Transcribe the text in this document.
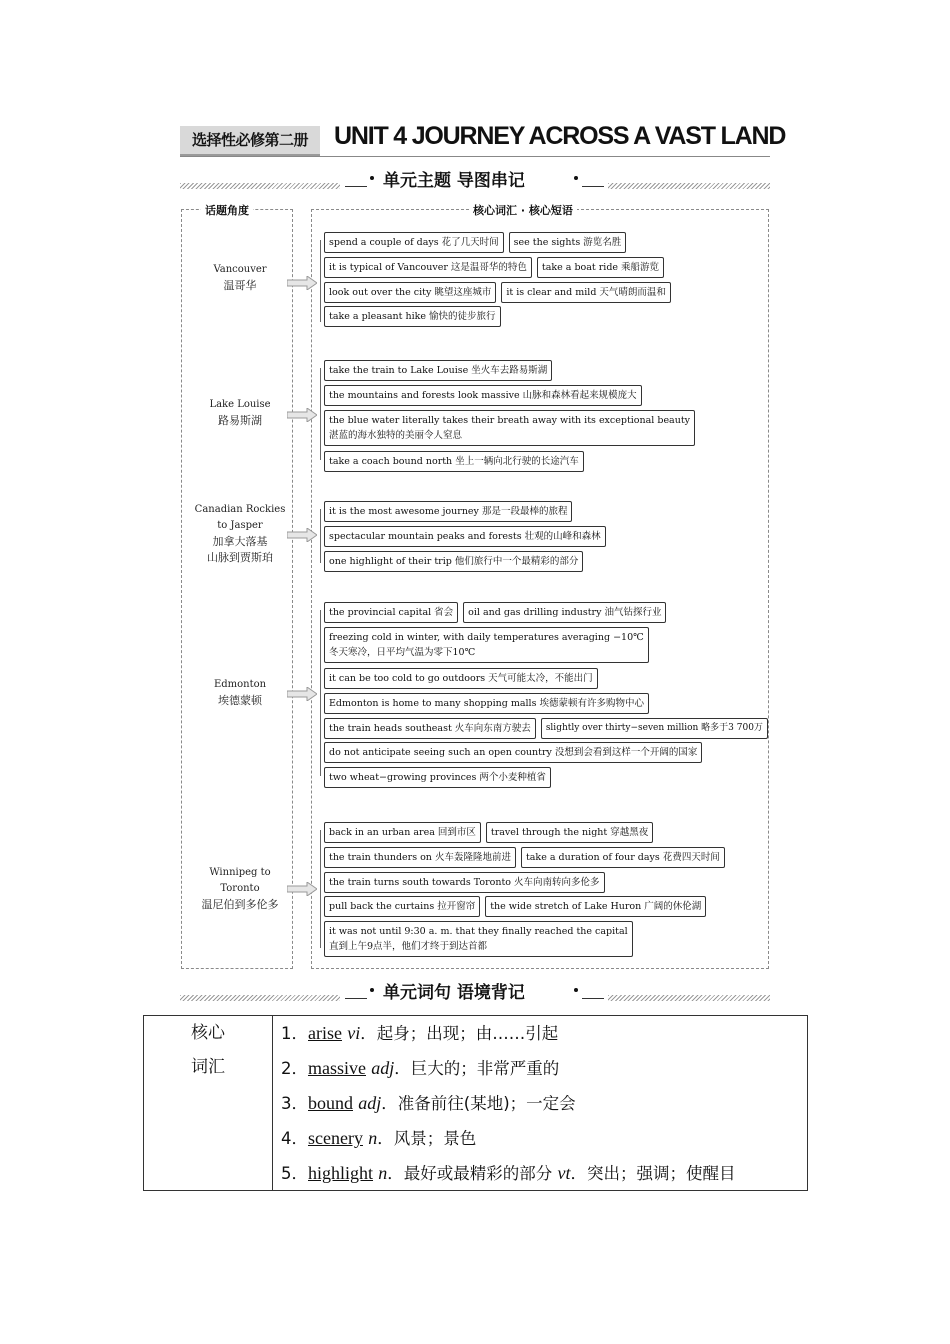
选择性必修第二册	UNIT 4 JOURNEY ACROSS A VAST LAND
单元主题 导图串记
话题角度	核心词汇 · 核心短语
Vancouver
温哥华
spend a couple of days 花了几天时间	see the sights 游览名胜
it is typical of Vancouver 这是温哥华的特色	take a boat ride 乘船游览
look out over the city 眺望这座城市	it is clear and mild 天气晴朗而温和
take a pleasant hike 愉快的徒步旅行
Lake Louise
路易斯湖
take the train to Lake Louise 坐火车去路易斯湖
the mountains and forests look massive 山脉和森林看起来规模庞大
the blue water literally takes their breath away with its exceptional beauty
湛蓝的海水独特的美丽令人窒息
take a coach bound north 坐上一辆向北行驶的长途汽车
Canadian Rockies
to Jasper
加拿大落基
山脉到贾斯珀
it is the most awesome journey 那是一段最棒的旅程
spectacular mountain peaks and forests 壮观的山峰和森林
one highlight of their trip 他们旅行中一个最精彩的部分
Edmonton
埃德蒙顿
the provincial capital 省会	oil and gas drilling industry 油气钻探行业
freezing cold in winter, with daily temperatures averaging −10℃
冬天寒冷，日平均气温为零下10℃
it can be too cold to go outdoors 天气可能太冷，不能出门
Edmonton is home to many shopping malls 埃德蒙顿有许多购物中心
the train heads southeast 火车向东南方驶去	slightly over thirty−seven million 略多于3 700万
do not anticipate seeing such an open country 没想到会看到这样一个开阔的国家
two wheat−growing provinces 两个小麦种植省
Winnipeg to
Toronto
温尼伯到多伦多
back in an urban area 回到市区	travel through the night 穿越黑夜
the train thunders on 火车轰隆隆地前进	take a duration of four days 花费四天时间
the train turns south towards Toronto 火车向南转向多伦多
pull back the curtains 拉开窗帘	the wide stretch of Lake Huron 广阔的休伦湖
it was not until 9:30 a. m. that they finally reached the capital
直到上午9点半，他们才终于到达首都
单元词句 语境背记
核心
词汇
1．arise vi．起身；出现；由……引起
2．massive adj．巨大的；非常严重的
3．bound adj．准备前往(某地)；一定会
4．scenery n．风景；景色
5．highlight n．最好或最精彩的部分 vt．突出；强调；使醒目
